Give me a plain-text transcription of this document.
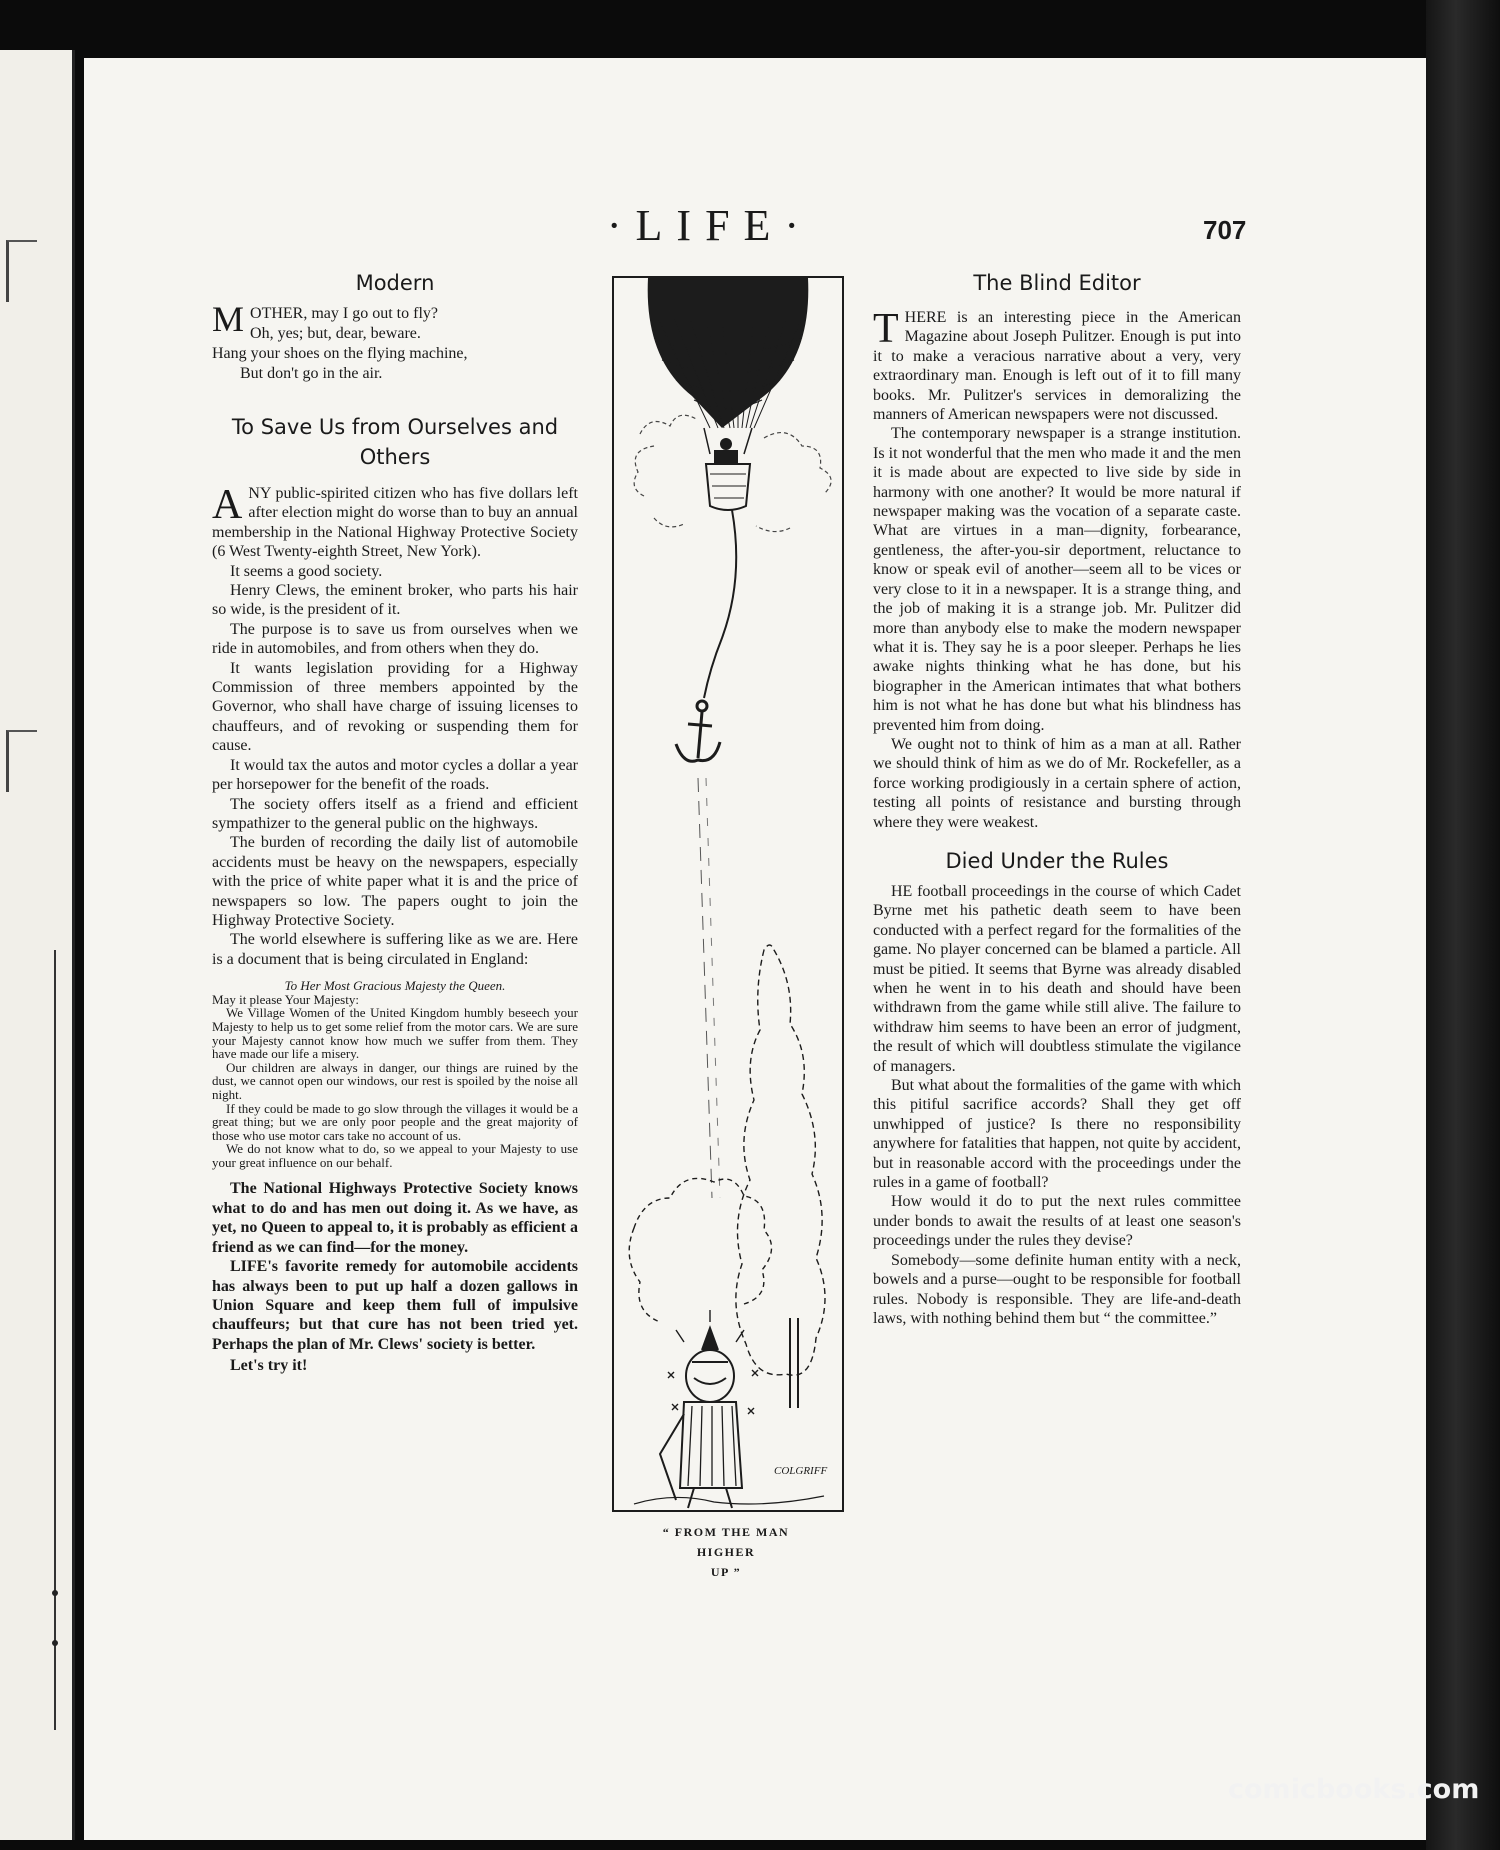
·LIFE·	707
Modern
MOTHER, may I go out to fly?
Oh, yes; but, dear, beware.
Hang your shoes on the flying machine,
But don't go in the air.
To Save Us from Ourselves and Others

ANY public-spirited citizen who has five dollars left after election might do worse than to buy an annual membership in the National Highway Protective Society (6 West Twenty-eighth Street, New York).

It seems a good society.

Henry Clews, the eminent broker, who parts his hair so wide, is the president of it.

The purpose is to save us from ourselves when we ride in automobiles, and from others when they do.

It wants legislation providing for a Highway Commission of three members appointed by the Governor, who shall have charge of issuing licenses to chauffeurs, and of revoking or suspending them for cause.

It would tax the autos and motor cycles a dollar a year per horsepower for the benefit of the roads.

The society offers itself as a friend and efficient sympathizer to the general public on the highways.

The burden of recording the daily list of automobile accidents must be heavy on the newspapers, especially with the price of white paper what it is and the price of newspapers so low. The papers ought to join the Highway Protective Society.

The world elsewhere is suffering like as we are. Here is a document that is being circulated in England:

To Her Most Gracious Majesty the Queen.

May it please Your Majesty:

We Village Women of the United Kingdom humbly beseech your Majesty to help us to get some relief from the motor cars. We are sure your Majesty cannot know how much we suffer from them. They have made our life a misery.

Our children are always in danger, our things are ruined by the dust, we cannot open our windows, our rest is spoiled by the noise all night.

If they could be made to go slow through the villages it would be a great thing; but we are only poor people and the great majority of those who use motor cars take no account of us.

We do not know what to do, so we appeal to your Majesty to use your great influence on our behalf.

The National Highways Protective Society knows what to do and has men out doing it. As we have, as yet, no Queen to appeal to, it is probably as efficient a friend as we can find—for the money.

LIFE's favorite remedy for automobile accidents has always been to put up half a dozen gallows in Union Square and keep them full of impulsive chauffeurs; but that cure has not been tried yet. Perhaps the plan of Mr. Clews' society is better.

Let's try it!
COLGRIFF
“ FROM THE MAN
HIGHER
UP ”
The Blind Editor

THERE is an interesting piece in the American Magazine about Joseph Pulitzer. Enough is put into it to make a veracious narrative about a very, very extraordinary man. Enough is left out of it to fill many books. Mr. Pulitzer's services in demoralizing the manners of American newspapers were not discussed.

The contemporary newspaper is a strange institution. Is it not wonderful that the men who made it and the men it is made about are expected to live side by side in harmony with one another? It would be more natural if newspaper making was the vocation of a separate caste. What are virtues in a man—dignity, forbearance, gentleness, the after-you-sir deportment, reluctance to know or speak evil of another—seem all to be vices or very close to it in a newspaper. It is a strange thing, and the job of making it is a strange job. Mr. Pulitzer did more than anybody else to make the modern newspaper what it is. They say he is a poor sleeper. Perhaps he lies awake nights thinking what he has done, but his biographer in the American intimates that what bothers him is not what he has done but what his blindness has prevented him from doing.

We ought not to think of him as a man at all. Rather we should think of him as we do of Mr. Rockefeller, as a force working prodigiously in a certain sphere of action, testing all points of resistance and bursting through where they were weakest.

Died Under the Rules

HE football proceedings in the course of which Cadet Byrne met his pathetic death seem to have been conducted with a perfect regard for the formalities of the game. No player concerned can be blamed a particle. All must be pitied. It seems that Byrne was already disabled when he went in to his death and should have been withdrawn from the game while still alive. The failure to withdraw him seems to have been an error of judgment, the result of which will doubtless stimulate the vigilance of managers.

But what about the formalities of the game with which this pitiful sacrifice accords? Shall they get off unwhipped of justice? Is there no responsibility anywhere for fatalities that happen, not quite by accident, but in reasonable accord with the proceedings under the rules in a game of football?

How would it do to put the next rules committee under bonds to await the results of at least one season's proceedings under the rules they devise?

Somebody—some definite human entity with a neck, bowels and a purse—ought to be responsible for football rules. Nobody is responsible. They are life-and-death laws, with nothing behind them but “ the committee.”

comicbooks.com
